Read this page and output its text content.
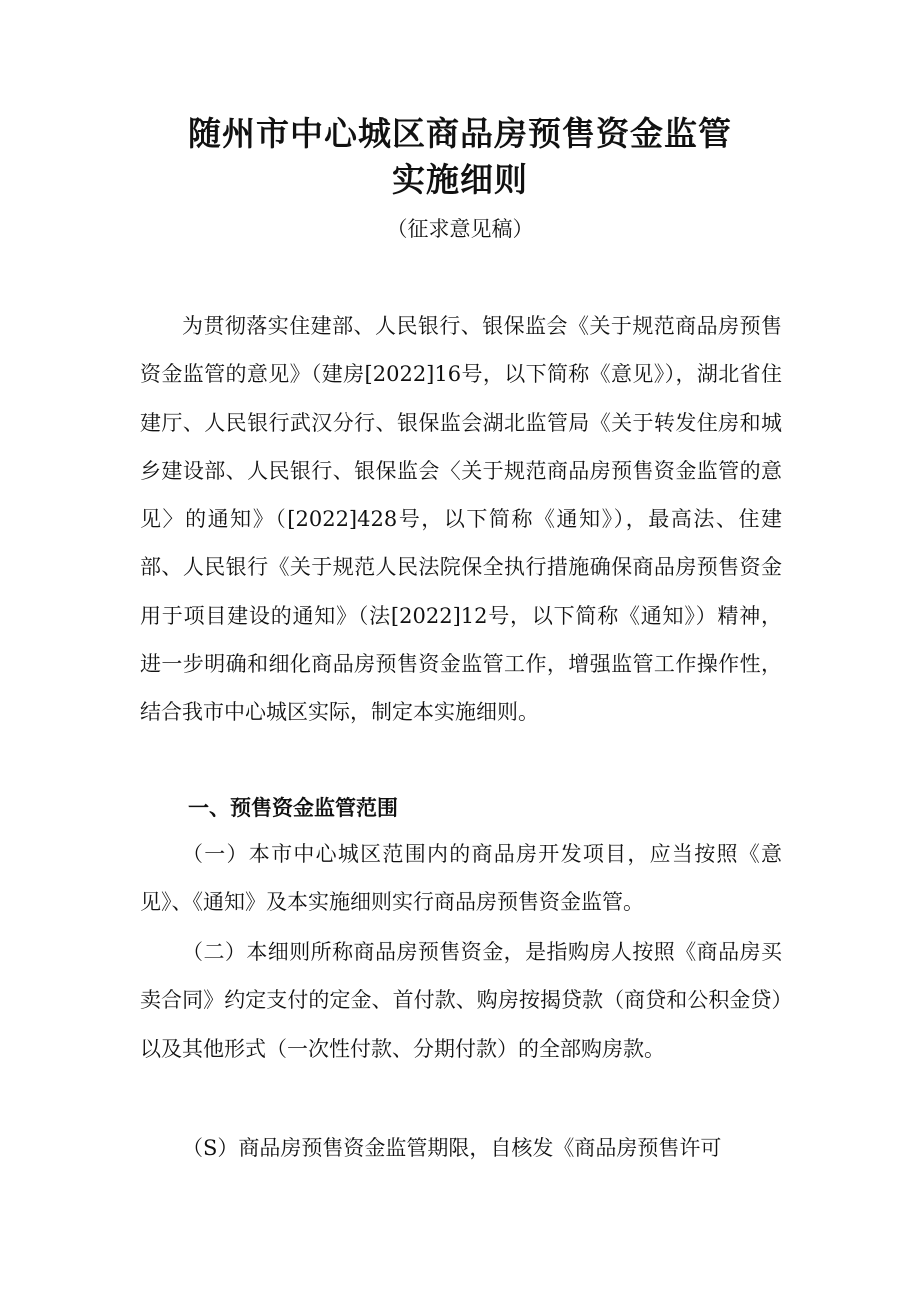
随州市中心城区商品房预售资金监管
实施细则

（征求意见稿）

为贯彻落实住建部、人民银行、银保监会《关于规范商品房预售资金监管的意见》（建房[2022]16号，以下简称《意见》），湖北省住建厅、人民银行武汉分行、银保监会湖北监管局《关于转发住房和城乡建设部、人民银行、银保监会〈关于规范商品房预售资金监管的意见〉的通知》（[2022]428号，以下简称《通知》），最高法、住建部、人民银行《关于规范人民法院保全执行措施确保商品房预售资金用于项目建设的通知》（法[2022]12号，以下简称《通知》）精神，进一步明确和细化商品房预售资金监管工作，增强监管工作操作性，结合我市中心城区实际，制定本实施细则。

一、预售资金监管范围

（一）本市中心城区范围内的商品房开发项目，应当按照《意见》、《通知》及本实施细则实行商品房预售资金监管。

（二）本细则所称商品房预售资金，是指购房人按照《商品房买卖合同》约定支付的定金、首付款、购房按揭贷款（商贷和公积金贷）以及其他形式（一次性付款、分期付款）的全部购房款。

（S）商品房预售资金监管期限，自核发《商品房预售许可
